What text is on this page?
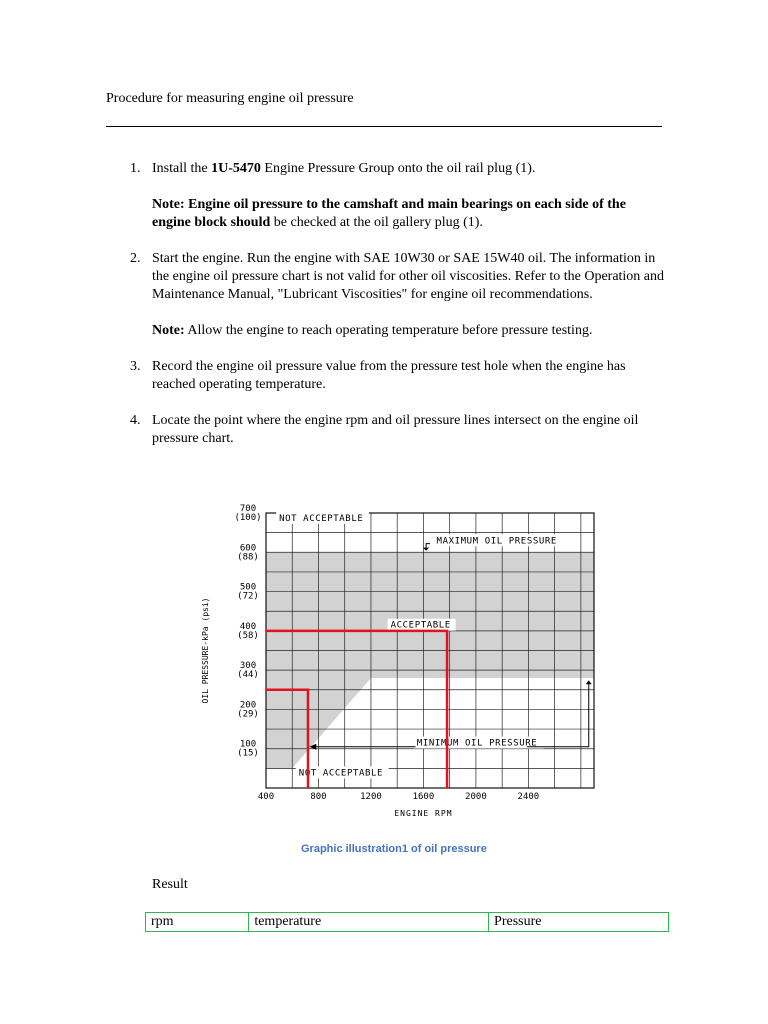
Procedure for measuring engine oil pressure
1. Install the 1U-5470 Engine Pressure Group onto the oil rail plug (1).

Note: Engine oil pressure to the camshaft and main bearings on each side of the engine block should be checked at the oil gallery plug (1).

2. Start the engine. Run the engine with SAE 10W30 or SAE 15W40 oil. The information in the engine oil pressure chart is not valid for other oil viscosities. Refer to the Operation and Maintenance Manual, "Lubricant Viscosities" for engine oil recommendations.

Note: Allow the engine to reach operating temperature before pressure testing.

3. Record the engine oil pressure value from the pressure test hole when the engine has reached operating temperature.

4. Locate the point where the engine rpm and oil pressure lines intersect on the engine oil pressure chart.

100
(15)
200
(29)
300
(44)
400
(58)
500
(72)
600
(88)
700
(100)
400	800	1200	1600	2000	2400
ENGINE RPM
OIL PRESSURE-kPa (psi)
NOT ACCEPTABLE
MAXIMUM OIL PRESSURE
ACCEPTABLE
MINIMUM OIL PRESSURE
NOT ACCEPTABLE
Graphic illustration1 of oil pressure
Result
rpm	temperature	Pressure
